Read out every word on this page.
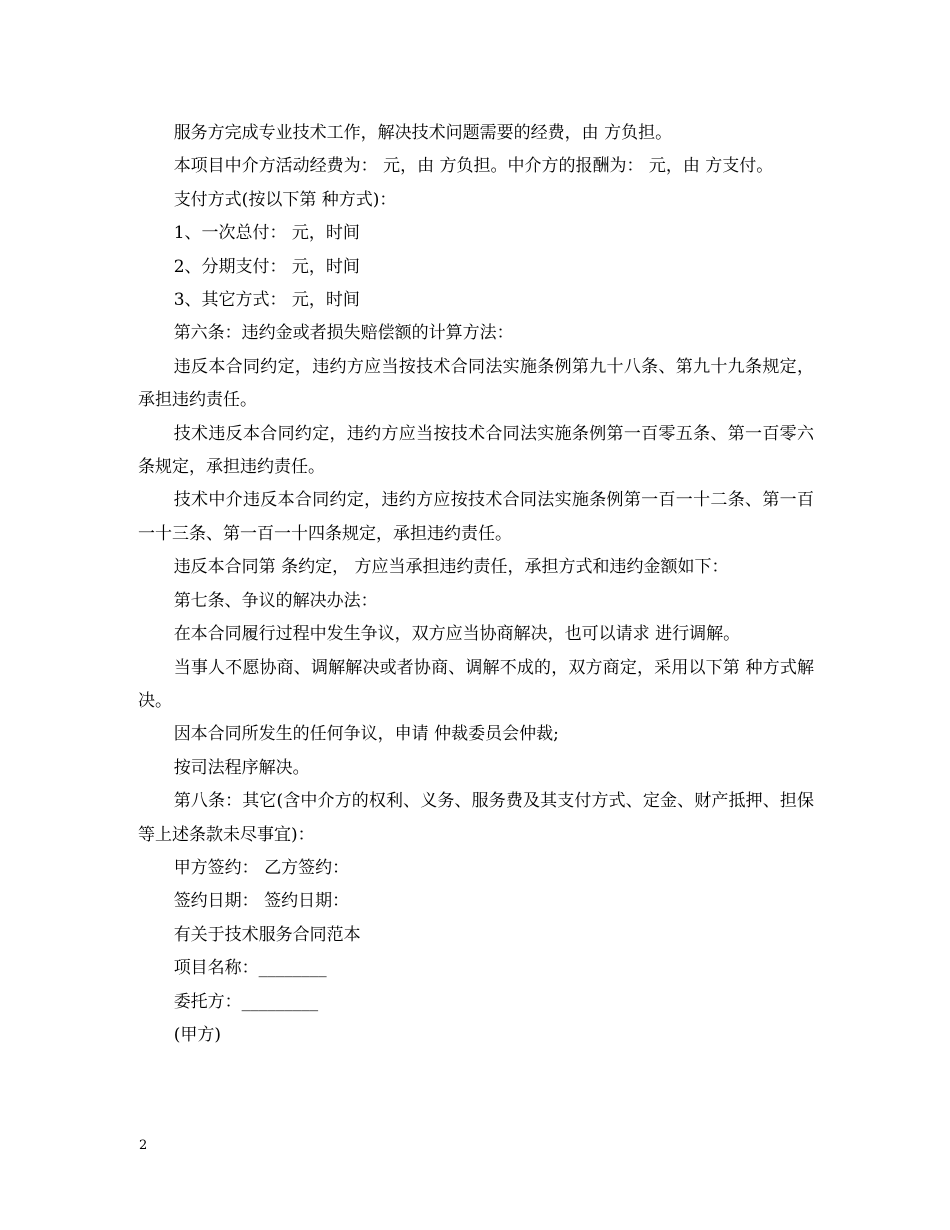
服务方完成专业技术工作，解决技术问题需要的经费，由 方负担。

本项目中介方活动经费为： 元，由 方负担。中介方的报酬为： 元，由 方支付。

支付方式(按以下第 种方式)：

1、一次总付： 元，时间

2、分期支付： 元，时间

3、其它方式： 元，时间

第六条：违约金或者损失赔偿额的计算方法：

违反本合同约定，违约方应当按技术合同法实施条例第九十八条、第九十九条规定，承担违约责任。

技术违反本合同约定，违约方应当按技术合同法实施条例第一百零五条、第一百零六条规定，承担违约责任。

技术中介违反本合同约定，违约方应按技术合同法实施条例第一百一十二条、第一百一十三条、第一百一十四条规定，承担违约责任。

违反本合同第 条约定， 方应当承担违约责任，承担方式和违约金额如下：

第七条、争议的解决办法：

在本合同履行过程中发生争议，双方应当协商解决，也可以请求 进行调解。

当事人不愿协商、调解解决或者协商、调解不成的，双方商定，采用以下第 种方式解决。

因本合同所发生的任何争议，申请 仲裁委员会仲裁;

按司法程序解决。

第八条：其它(含中介方的权利、义务、服务费及其支付方式、定金、财产抵押、担保等上述条款未尽事宜)：

甲方签约： 乙方签约：

签约日期： 签约日期：

有关于技术服务合同范本

项目名称：________

委托方：_________

(甲方)

2
